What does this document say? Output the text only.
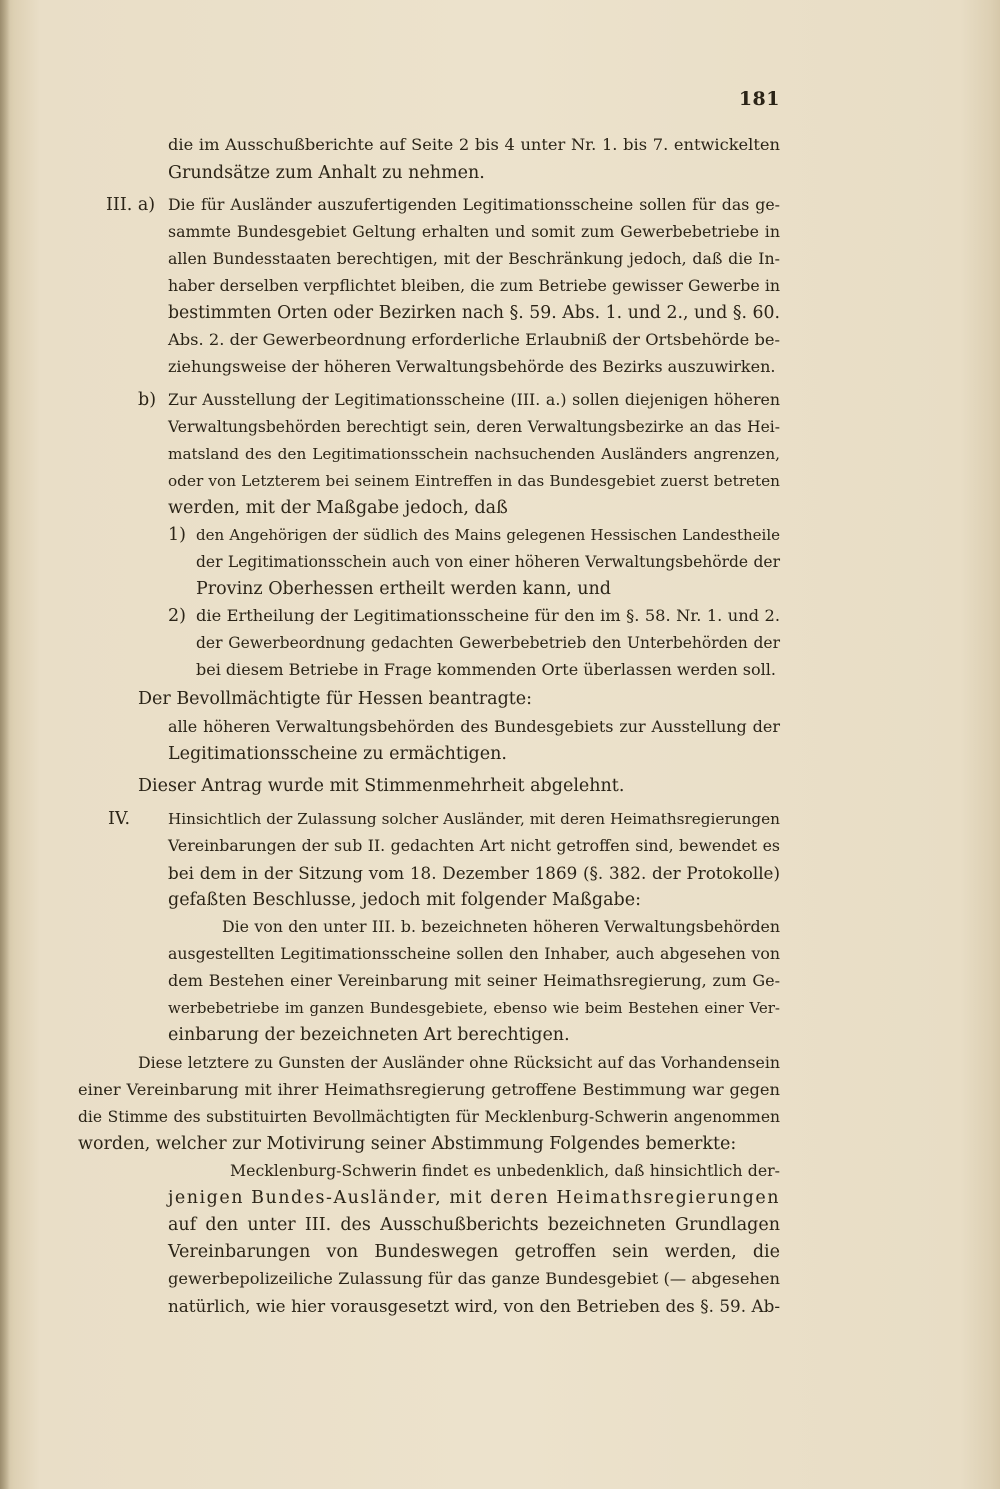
181
die im Ausschußberichte auf Seite 2 bis 4 unter Nr. 1. bis 7. entwickelten
Grundsätze zum Anhalt zu nehmen.
III. a) Die für Ausländer auszufertigenden Legitimationsscheine sollen für das ge-
sammte Bundesgebiet Geltung erhalten und somit zum Gewerbebetriebe in
allen Bundesstaaten berechtigen, mit der Beschränkung jedoch, daß die In-
haber derselben verpflichtet bleiben, die zum Betriebe gewisser Gewerbe in
bestimmten Orten oder Bezirken nach §. 59. Abs. 1. und 2., und §. 60.
Abs. 2. der Gewerbeordnung erforderliche Erlaubniß der Ortsbehörde be-
ziehungsweise der höheren Verwaltungsbehörde des Bezirks auszuwirken.
b) Zur Ausstellung der Legitimationsscheine (III. a.) sollen diejenigen höheren
Verwaltungsbehörden berechtigt sein, deren Verwaltungsbezirke an das Hei-
matsland des den Legitimationsschein nachsuchenden Ausländers angrenzen,
oder von Letzterem bei seinem Eintreffen in das Bundesgebiet zuerst betreten
werden, mit der Maßgabe jedoch, daß
1) den Angehörigen der südlich des Mains gelegenen Hessischen Landestheile
der Legitimationsschein auch von einer höheren Verwaltungsbehörde der
Provinz Oberhessen ertheilt werden kann, und
2) die Ertheilung der Legitimationsscheine für den im §. 58. Nr. 1. und 2.
der Gewerbeordnung gedachten Gewerbebetrieb den Unterbehörden der
bei diesem Betriebe in Frage kommenden Orte überlassen werden soll.
Der Bevollmächtigte für Hessen beantragte:
alle höheren Verwaltungsbehörden des Bundesgebiets zur Ausstellung der
Legitimationsscheine zu ermächtigen.
Dieser Antrag wurde mit Stimmenmehrheit abgelehnt.
IV. Hinsichtlich der Zulassung solcher Ausländer, mit deren Heimathsregierungen
Vereinbarungen der sub II. gedachten Art nicht getroffen sind, bewendet es
bei dem in der Sitzung vom 18. Dezember 1869 (§. 382. der Protokolle)
gefaßten Beschlusse, jedoch mit folgender Maßgabe:
Die von den unter III. b. bezeichneten höheren Verwaltungsbehörden
ausgestellten Legitimationsscheine sollen den Inhaber, auch abgesehen von
dem Bestehen einer Vereinbarung mit seiner Heimathsregierung, zum Ge-
werbebetriebe im ganzen Bundesgebiete, ebenso wie beim Bestehen einer Ver-
einbarung der bezeichneten Art berechtigen.
Diese letztere zu Gunsten der Ausländer ohne Rücksicht auf das Vorhandensein
einer Vereinbarung mit ihrer Heimathsregierung getroffene Bestimmung war gegen
die Stimme des substituirten Bevollmächtigten für Mecklenburg-Schwerin angenommen
worden, welcher zur Motivirung seiner Abstimmung Folgendes bemerkte:
Mecklenburg-Schwerin findet es unbedenklich, daß hinsichtlich der-
jenigen Bundes-Ausländer, mit deren Heimathsregierungen
auf den unter III. des Ausschußberichts bezeichneten Grundlagen
Vereinbarungen von Bundeswegen getroffen sein werden, die
gewerbepolizeiliche Zulassung für das ganze Bundesgebiet (— abgesehen
natürlich, wie hier vorausgesetzt wird, von den Betrieben des §. 59. Ab-
